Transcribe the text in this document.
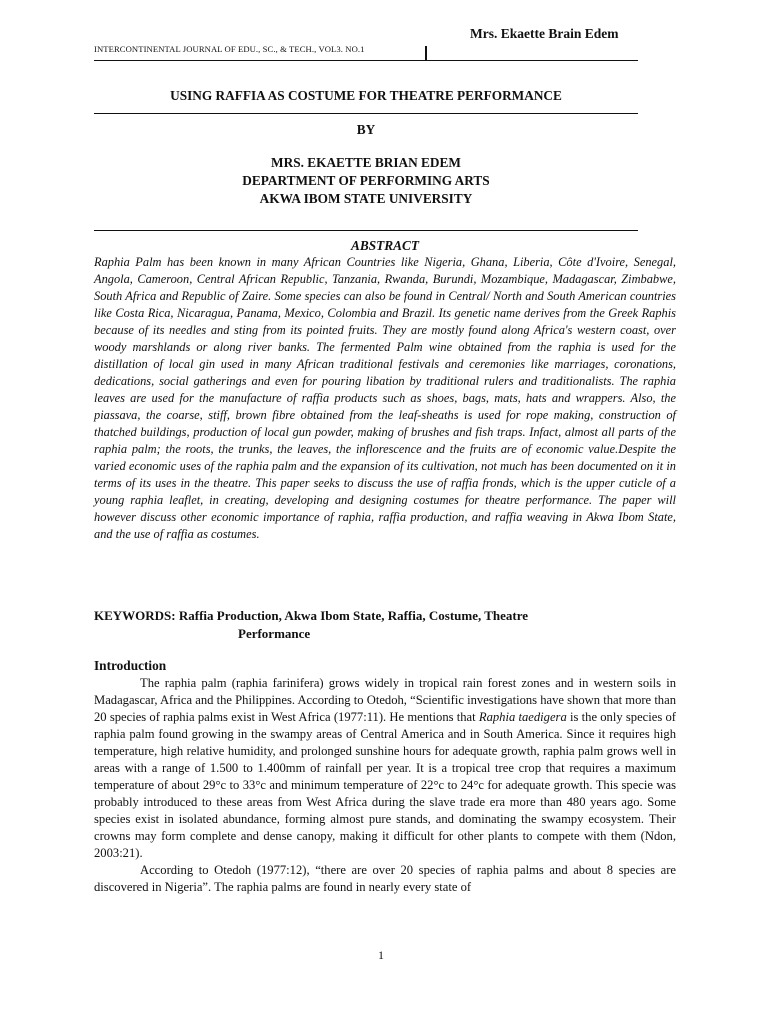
Mrs. Ekaette Brain Edem
INTERCONTINENTAL JOURNAL OF EDU., SC., & TECH., VOL3. NO.1
USING RAFFIA AS COSTUME FOR THEATRE PERFORMANCE
BY
MRS. EKAETTE BRIAN EDEM
DEPARTMENT OF PERFORMING ARTS
AKWA IBOM STATE UNIVERSITY
ABSTRACT
Raphia Palm has been known in many African Countries like Nigeria, Ghana, Liberia, Côte d'Ivoire, Senegal, Angola, Cameroon, Central African Republic, Tanzania, Rwanda, Burundi, Mozambique, Madagascar, Zimbabwe, South Africa and Republic of Zaire. Some species can also be found in Central/ North and South American countries like Costa Rica, Nicaragua, Panama, Mexico, Colombia and Brazil. Its genetic name derives from the Greek Raphis because of its needles and sting from its pointed fruits. They are mostly found along Africa's western coast, over woody marshlands or along river banks. The fermented Palm wine obtained from the raphia is used for the distillation of local gin used in many African traditional festivals and ceremonies like marriages, coronations, dedications, social gatherings and even for pouring libation by traditional rulers and traditionalists. The raphia leaves are used for the manufacture of raffia products such as shoes, bags, mats, hats and wrappers. Also, the piassava, the coarse, stiff, brown fibre obtained from the leaf-sheaths is used for rope making, construction of thatched buildings, production of local gun powder, making of brushes and fish traps. Infact, almost all parts of the raphia palm; the roots, the trunks, the leaves, the inflorescence and the fruits are of economic value.Despite the varied economic uses of the raphia palm and the expansion of its cultivation, not much has been documented on it in terms of its uses in the theatre. This paper seeks to discuss the use of raffia fronds, which is the upper cuticle of a young raphia leaflet, in creating, developing and designing costumes for theatre performance. The paper will however discuss other economic importance of raphia, raffia production, and raffia weaving in Akwa Ibom State, and the use of raffia as costumes.
KEYWORDS: Raffia Production, Akwa Ibom State, Raffia, Costume, Theatre
Performance
Introduction

The raphia palm (raphia farinifera) grows widely in tropical rain forest zones and in western soils in Madagascar, Africa and the Philippines. According to Otedoh, “Scientific investigations have shown that more than 20 species of raphia palms exist in West Africa (1977:11). He mentions that Raphia taedigera is the only species of raphia palm found growing in the swampy areas of Central America and in South America. Since it requires high temperature, high relative humidity, and prolonged sunshine hours for adequate growth, raphia palm grows well in areas with a range of 1.500 to 1.400mm of rainfall per year. It is a tropical tree crop that requires a maximum temperature of about 29°c to 33°c and minimum temperature of 22°c to 24°c for adequate growth. This specie was probably introduced to these areas from West Africa during the slave trade era more than 480 years ago. Some species exist in isolated abundance, forming almost pure stands, and dominating the swampy ecosystem. Their crowns may form complete and dense canopy, making it difficult for other plants to compete with them (Ndon, 2003:21).

According to Otedoh (1977:12), “there are over 20 species of raphia palms and about 8 species are discovered in Nigeria”. The raphia palms are found in nearly every state of

1
